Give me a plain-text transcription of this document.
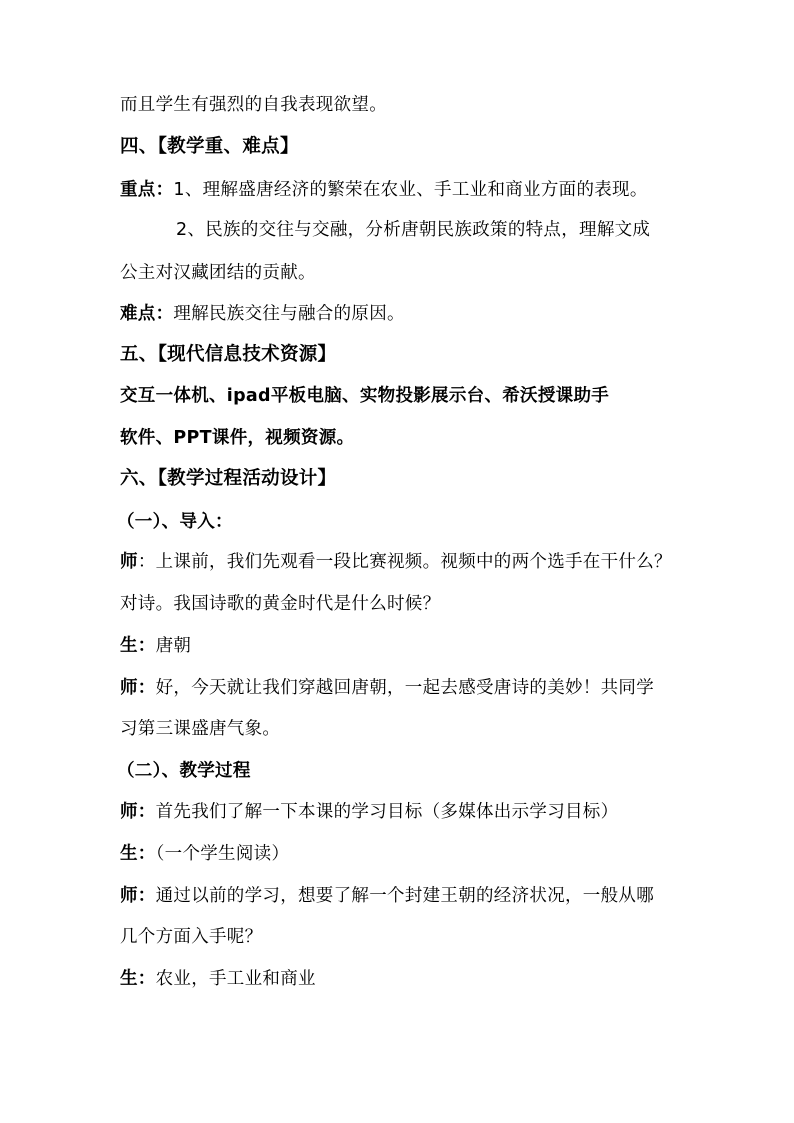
而且学生有强烈的自我表现欲望。
四、【教学重、难点】
重点：1、理解盛唐经济的繁荣在农业、手工业和商业方面的表现。
2、民族的交往与交融，分析唐朝民族政策的特点，理解文成
公主对汉藏团结的贡献。
难点：理解民族交往与融合的原因。
五、【现代信息技术资源】
交互一体机、ipad平板电脑、实物投影展示台、希沃授课助手
软件、PPT课件，视频资源。
六、【教学过程活动设计】
（一）、导入：
师：上课前，我们先观看一段比赛视频。视频中的两个选手在干什么？
对诗。我国诗歌的黄金时代是什么时候？
生：唐朝
师：好，今天就让我们穿越回唐朝，一起去感受唐诗的美妙！共同学
习第三课盛唐气象。
（二）、教学过程
师：首先我们了解一下本课的学习目标（多媒体出示学习目标）
生：（一个学生阅读）
师：通过以前的学习，想要了解一个封建王朝的经济状况，一般从哪
几个方面入手呢？
生：农业，手工业和商业
